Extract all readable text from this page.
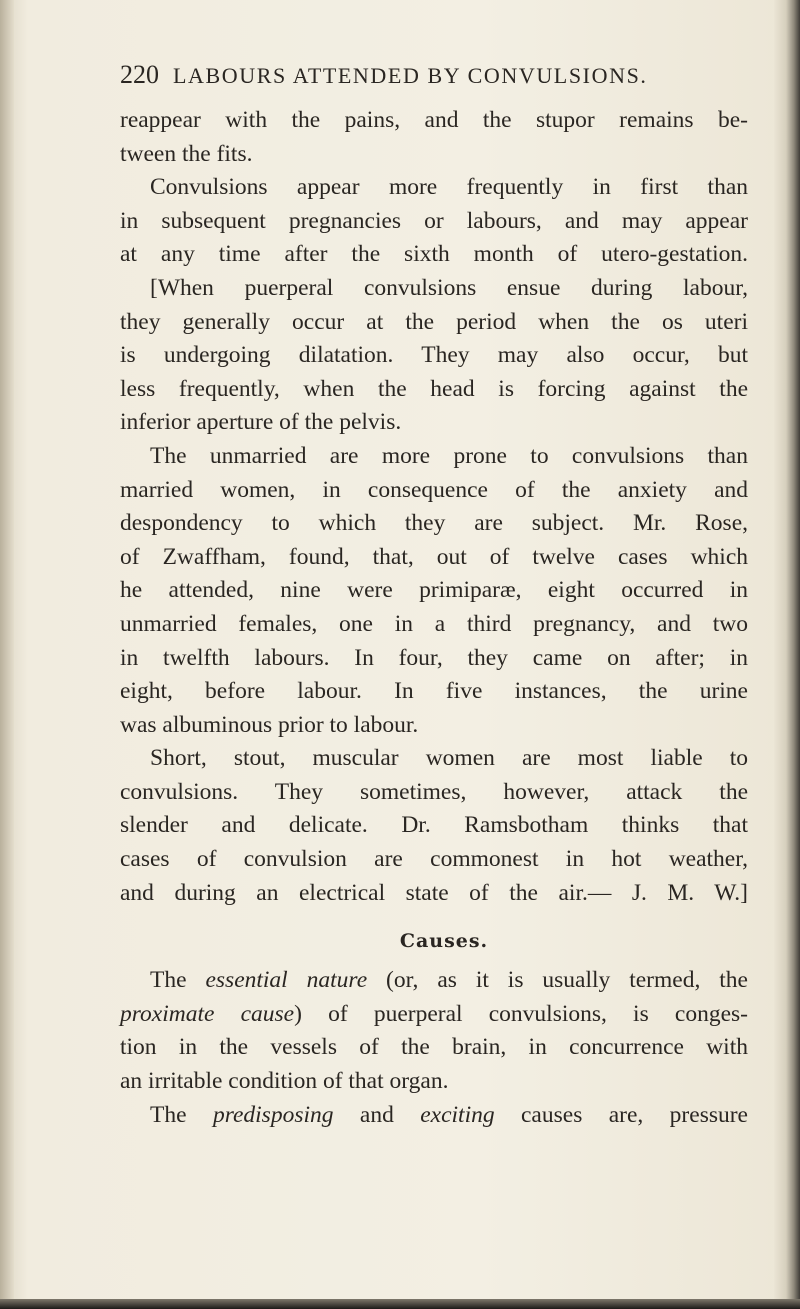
220 LABOURS ATTENDED BY CONVULSIONS.
reappear with the pains, and the stupor remains be-
tween the fits.
Convulsions appear more frequently in first than
in subsequent pregnancies or labours, and may appear
at any time after the sixth month of utero-gestation.
[When puerperal convulsions ensue during labour,
they generally occur at the period when the os uteri
is undergoing dilatation. They may also occur, but
less frequently, when the head is forcing against the
inferior aperture of the pelvis.
The unmarried are more prone to convulsions than
married women, in consequence of the anxiety and
despondency to which they are subject. Mr. Rose,
of Zwaffham, found, that, out of twelve cases which
he attended, nine were primiparæ, eight occurred in
unmarried females, one in a third pregnancy, and two
in twelfth labours. In four, they came on after; in
eight, before labour. In five instances, the urine
was albuminous prior to labour.
Short, stout, muscular women are most liable to
convulsions. They sometimes, however, attack the
slender and delicate. Dr. Ramsbotham thinks that
cases of convulsion are commonest in hot weather,
and during an electrical state of the air.— J. M. W.]
Causes.
The essential nature (or, as it is usually termed, the
proximate cause) of puerperal convulsions, is conges-
tion in the vessels of the brain, in concurrence with
an irritable condition of that organ.
The predisposing and exciting causes are, pressure
